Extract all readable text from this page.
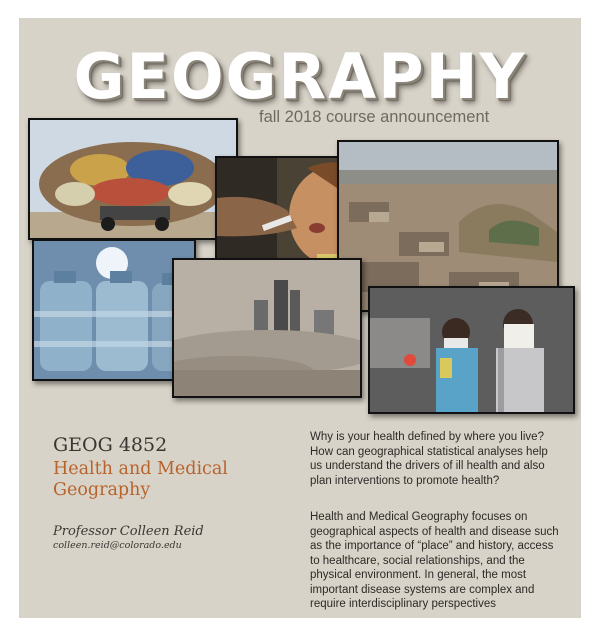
GEOGRAPHY
fall 2018 course announcement
GEOG 4852
Health and Medical Geography
Professor Colleen Reid
colleen.reid@colorado.edu

Why is your health defined by where you live? How can geographical statistical analyses help us understand the drivers of ill health and also plan interventions to promote health?

Health and Medical Geography focuses on geographical aspects of health and disease such as the importance of “place” and history, access to healthcare, social relationships, and the physical environment. In general, the most important disease systems are complex and require interdisciplinary perspectives
